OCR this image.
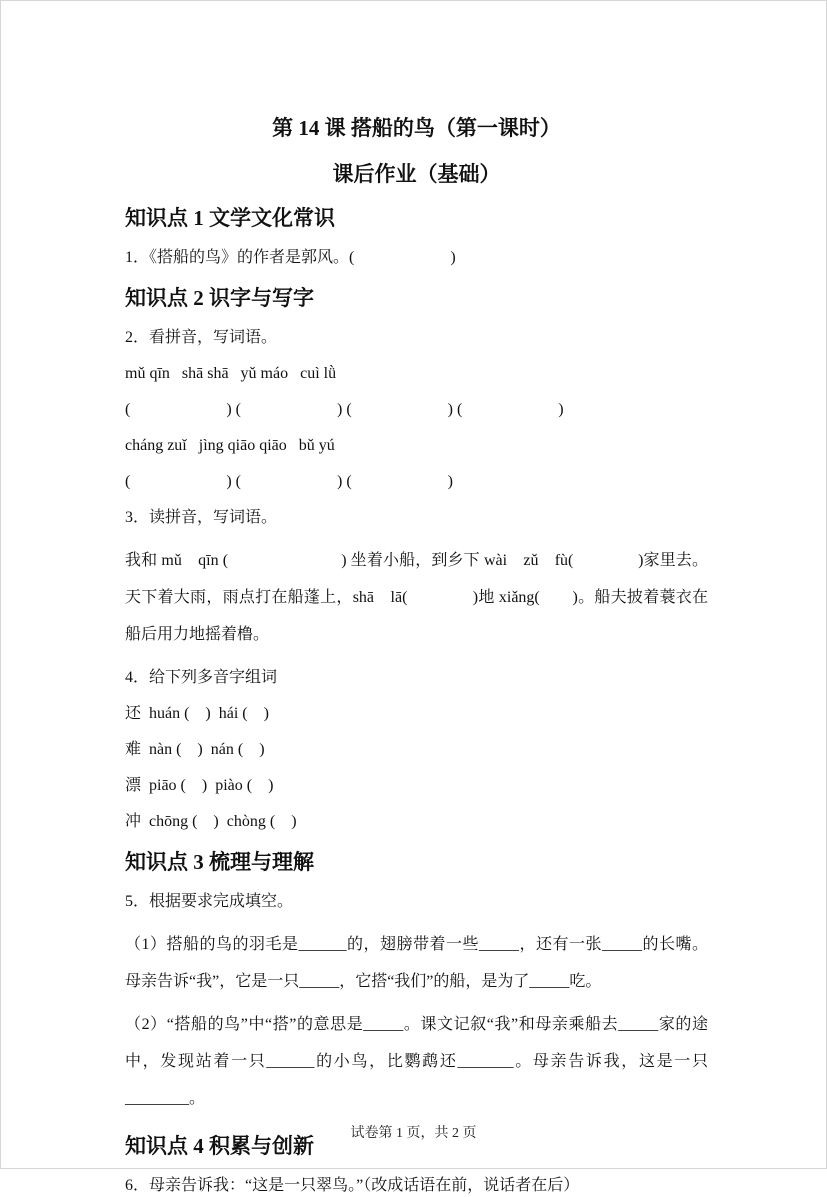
第 14 课 搭船的鸟（第一课时）
课后作业（基础）
知识点 1 文学文化常识
1．《搭船的鸟》的作者是郭风。(　　　　　　)
知识点 2 识字与写字
2．看拼音，写词语。
mǔ qīn   shā shā   yǔ máo   cuì lǜ
(　　　　　　) (　　　　　　) (　　　　　　) (　　　　　　)
cháng zuǐ   jìng qiāo qiāo   bǔ yú
(　　　　　　) (　　　　　　) (　　　　　　)
3．读拼音，写词语。
我和 mǔ　qīn (　　　　　　　) 坐着小船，到乡下 wài　zǔ　fù(　　　　)家里去。天下着大雨，雨点打在船蓬上，shā　lā(　　　　)地 xiǎng(　　)。船夫披着蓑衣在船后用力地摇着橹。
4．给下列多音字组词
还  huán (　)  hái (　)
难  nàn (　)  nán (　)
漂  piāo (　)  piào (　)
冲  chōng (　)  chòng (　)
知识点 3 梳理与理解
5．根据要求完成填空。
（1）搭船的鸟的羽毛是______的，翅膀带着一些_____，还有一张_____的长嘴。母亲告诉“我”，它是一只_____，它搭“我们”的船，是为了_____吃。
（2）“搭船的鸟”中“搭”的意思是_____。课文记叙“我”和母亲乘船去_____家的途中，发现站着一只______的小鸟，比鹦鹉还_______。母亲告诉我，这是一只________。
知识点 4 积累与创新
6．母亲告诉我：“这是一只翠鸟。”（改成话语在前，说话者在后）
试卷第 1 页，共 2 页
